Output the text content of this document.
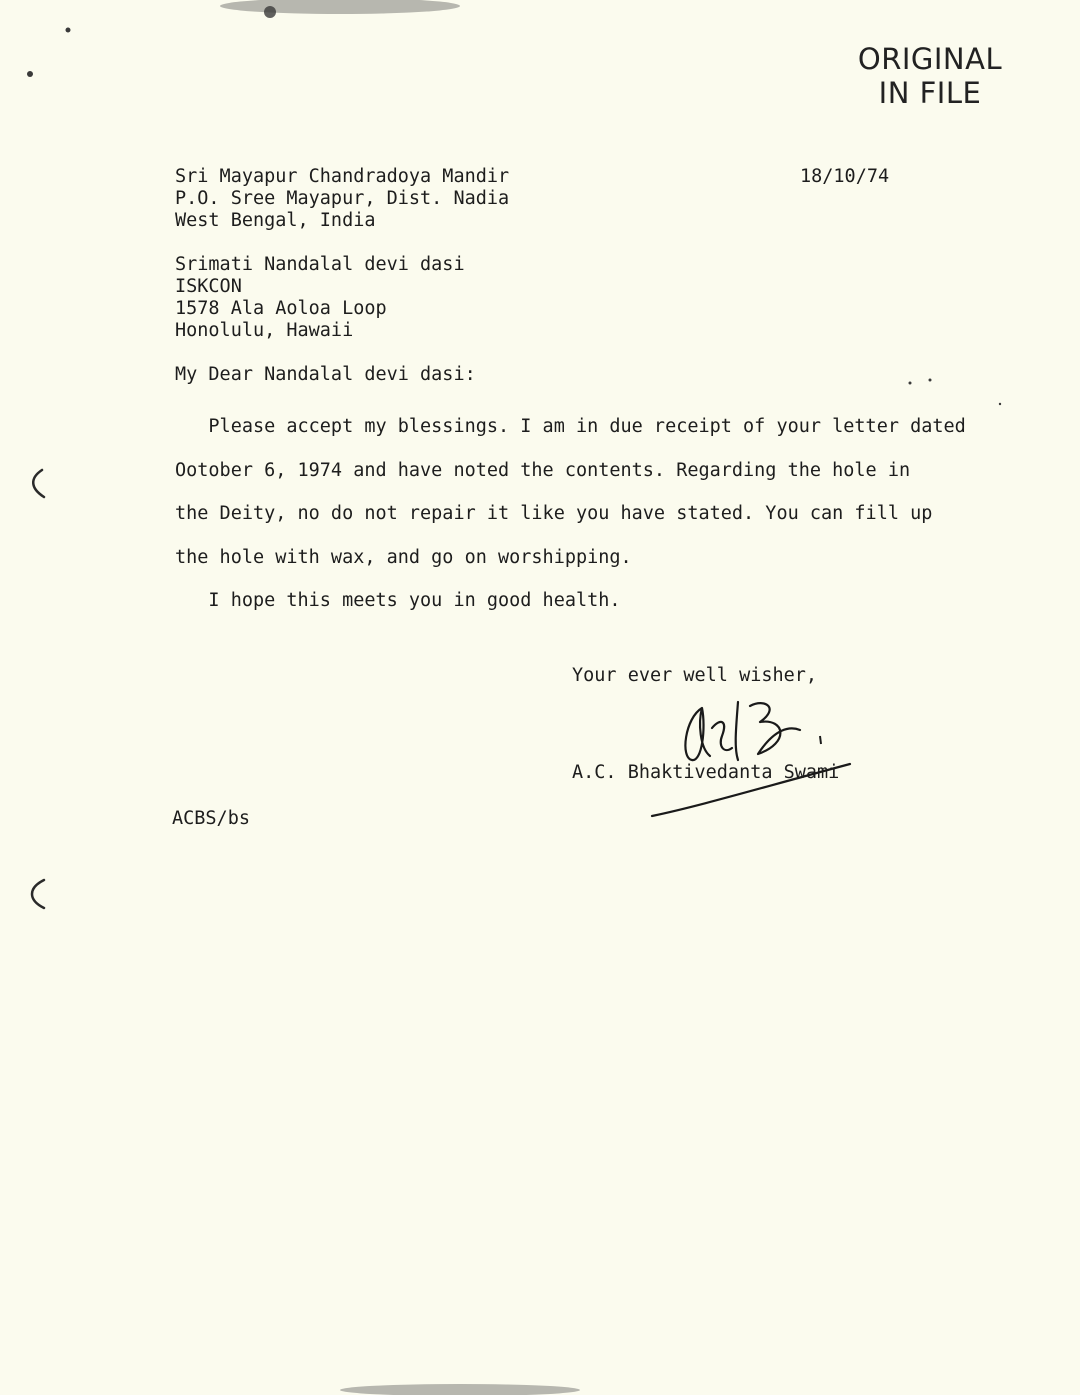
ORIGINAL
IN FILE
Sri Mayapur Chandradoya Mandir
P.O. Sree Mayapur, Dist. Nadia
West Bengal, India
18/10/74
Srimati Nandalal devi dasi
ISKCON
1578 Ala Aoloa Loop
Honolulu, Hawaii
My Dear Nandalal devi dasi:
Please accept my blessings. I am in due receipt of your letter dated
Ootober 6, 1974 and have noted the contents. Regarding the hole in
the Deity, no do not repair it like you have stated. You can fill up
the hole with wax, and go on worshipping.
I hope this meets you in good health.
Your ever well wisher,
A.C. Bhaktivedanta Swami
ACBS/bs
